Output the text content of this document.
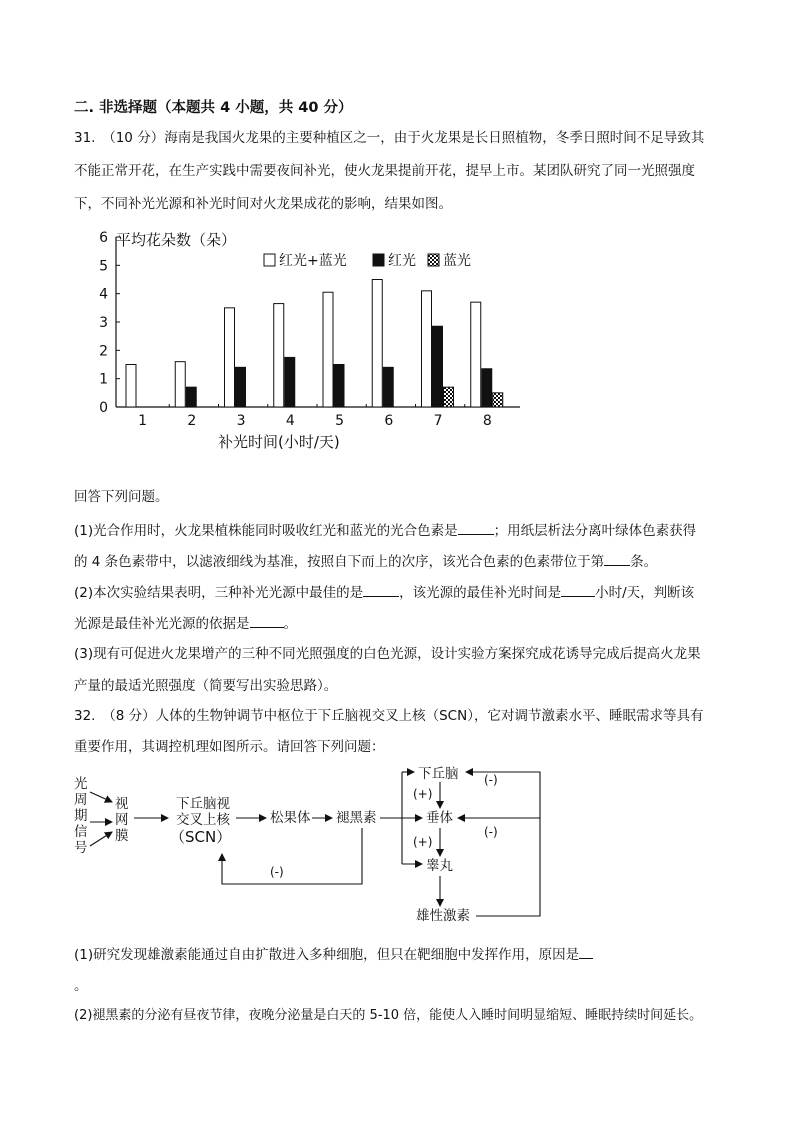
二. 非选择题（本题共 4 小题，共 40 分）
31.　（10 分）海南是我国火龙果的主要种植区之一，由于火龙果是长日照植物，冬季日照时间不足导致其
不能正常开花，在生产实践中需要夜间补光，使火龙果提前开花，提早上市。某团队研究了同一光照强度
下，不同补光光源和补光时间对火龙果成花的影响，结果如图。
0
1
2
3
4
5
6
1	2	3	4	5	6	7	8
平均花朵数（朵）
补光时间(小时/天)
红光+蓝光	红光 蓝光
回答下列问题。
(1)光合作用时，火龙果植株能同时吸收红光和蓝光的光合色素是	；用纸层析法分离叶绿体色素获得
的 4 条色素带中，以滤液细线为基准，按照自下而上的次序，该光合色素的色素带位于第 条。
(2)本次实验结果表明，三种补光光源中最佳的是	，该光源的最佳补光时间是	小时/天，判断该
光源是最佳补光光源的依据是	。
(3)现有可促进火龙果增产的三种不同光照强度的白色光源，设计实验方案探究成花诱导完成后提高火龙果
产量的最适光照强度（简要写出实验思路）。
32.　（8 分）人体的生物钟调节中枢位于下丘脑视交叉上核（SCN），它对调节激素水平、睡眠需求等具有
重要作用，其调控机理如图所示。请回答下列问题：
光
周
期
信
号
视
网
膜
下丘脑视
交叉上核
（SCN）
松果体 褪黑素
下丘脑
垂体
睾丸
雄性激素
(+)
(+)
(-)
(-)
(-)
(1)研究发现雄激素能通过自由扩散进入多种细胞，但只在靶细胞中发挥作用，原因是
。
(2)褪黑素的分泌有昼夜节律，夜晚分泌量是白天的 5-10 倍，能使人入睡时间明显缩短、睡眠持续时间延长。
